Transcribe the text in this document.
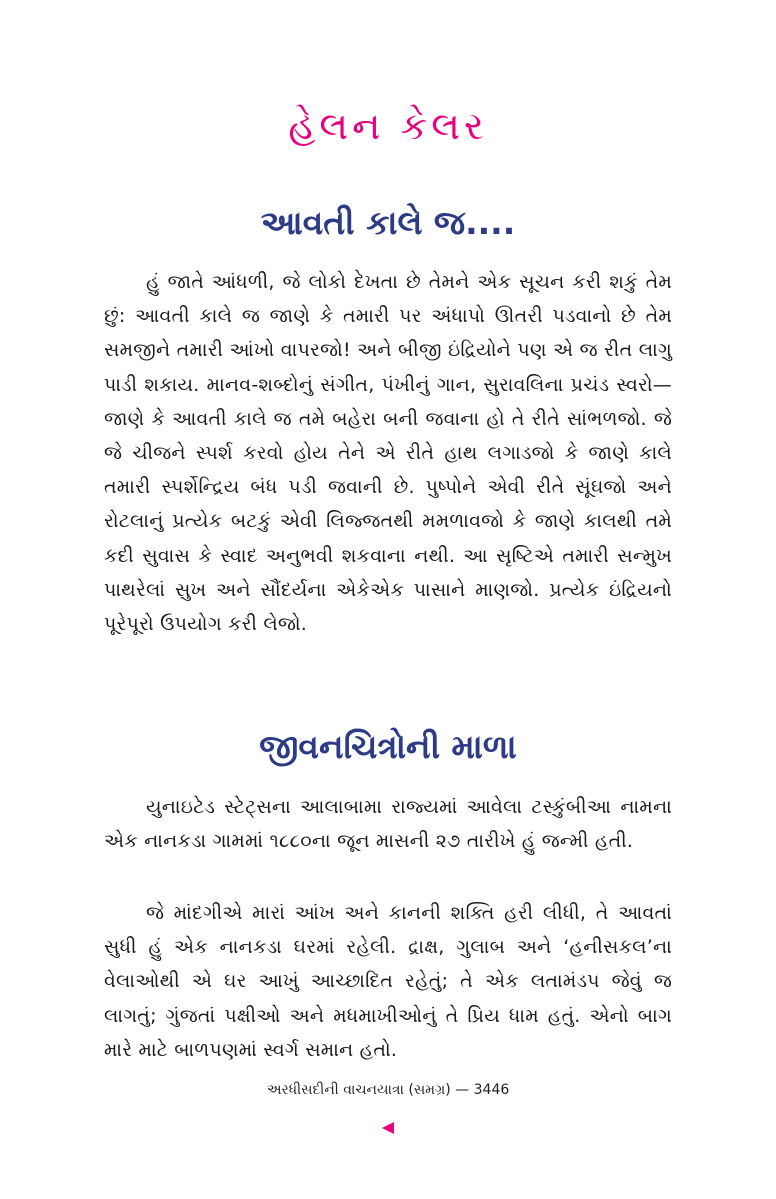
હેલન કેલર
આવતી કાલે જ....

હું જાતે આંધળી, જે લોકો દેખતા છે તેમને એક સૂચન કરી શકું તેમ છું: આવતી કાલે જ જાણે કે તમારી પર અંધાપો ઊતરી પડવાનો છે તેમ સમજીને તમારી આંખો વાપરજો! અને બીજી ઇંદ્રિયોને પણ એ જ રીત લાગુ પાડી શકાય. માનવ-શબ્દોનું સંગીત, પંખીનું ગાન, સુરાવલિના પ્રચંડ સ્વરો—જાણે કે આવતી કાલે જ તમે બહેરા બની જવાના હો તે રીતે સાંભળજો. જે જે ચીજને સ્પર્શ કરવો હોય તેને એ રીતે હાથ લગાડજો કે જાણે કાલે તમારી સ્પર્શેન્દ્રિય બંધ પડી જવાની છે. પુષ્પોને એવી રીતે સૂંઘજો અને રોટલાનું પ્રત્યેક બટકું એવી લિજ્જતથી મમળાવજો કે જાણે કાલથી તમે કદી સુવાસ કે સ્વાદ અનુભવી શકવાના નથી. આ સૃષ્ટિએ તમારી સન્મુખ પાથરેલાં સુખ અને સૌંદર્યના એકેએક પાસાને માણજો. પ્રત્યેક ઇંદ્રિયનો પૂરેપૂરો ઉપયોગ કરી લેજો.

જીવનચિત્રોની માળા

યુનાઇટેડ સ્ટેટ્સના આલાબામા રાજ્યમાં આવેલા ટસ્કુંબીઆ નામના એક નાનકડા ગામમાં ૧૮૮૦ના જૂન માસની ૨૭ તારીખે હું જન્મી હતી.

જે માંદગીએ મારાં આંખ અને કાનની શક્તિ હરી લીધી, તે આવતાં સુધી હું એક નાનકડા ઘરમાં રહેલી. દ્રાક્ષ, ગુલાબ અને ‘હનીસકલ’ના વેલાઓથી એ ઘર આખું આચ્છાદિત રહેતું; તે એક લતામંડપ જેવું જ લાગતું; ગુંજતાં પક્ષીઓ અને મધમાખીઓનું તે પ્રિય ધામ હતું. એનો બાગ મારે માટે બાળપણમાં સ્વર્ગ સમાન હતો.

અરધીસદીની વાચનયાત્રા (સમગ્ર) — 3446
